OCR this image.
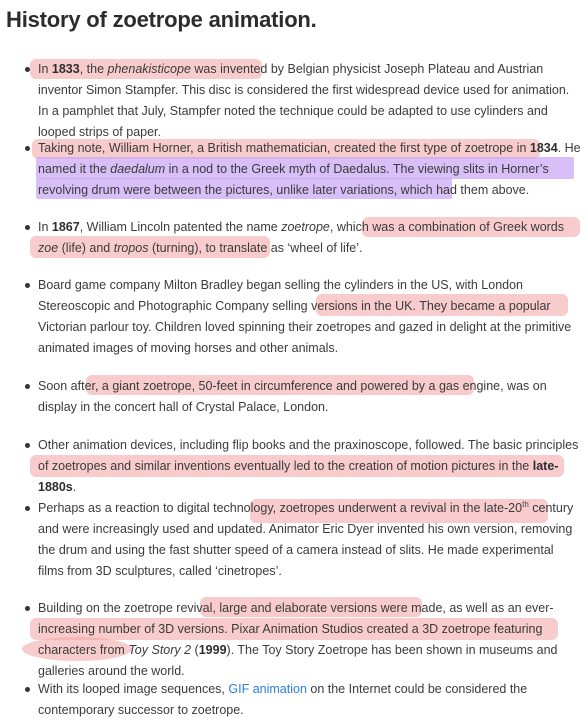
History of zoetrope animation.
In 1833, the phenakisticope was invented by Belgian physicist Joseph Plateau and Austrian inventor Simon Stampfer. This disc is considered the first widespread device used for animation. In a pamphlet that July, Stampfer noted the technique could be adapted to use cylinders and looped strips of paper.
Taking note, William Horner, a British mathematician, created the first type of zoetrope in 1834. He named it the daedalum in a nod to the Greek myth of Daedalus. The viewing slits in Horner’s revolving drum were between the pictures, unlike later variations, which had them above.
In 1867, William Lincoln patented the name zoetrope, which was a combination of Greek words zoe (life) and tropos (turning), to translate as ‘wheel of life’.
Board game company Milton Bradley began selling the cylinders in the US, with London Stereoscopic and Photographic Company selling versions in the UK. They became a popular Victorian parlour toy. Children loved spinning their zoetropes and gazed in delight at the primitive animated images of moving horses and other animals.
Soon after, a giant zoetrope, 50-feet in circumference and powered by a gas engine, was on display in the concert hall of Crystal Palace, London.
Other animation devices, including flip books and the praxinoscope, followed. The basic principles of zoetropes and similar inventions eventually led to the creation of motion pictures in the late-1880s.
Perhaps as a reaction to digital technology, zoetropes underwent a revival in the late-20th century and were increasingly used and updated. Animator Eric Dyer invented his own version, removing the drum and using the fast shutter speed of a camera instead of slits. He made experimental films from 3D sculptures, called ‘cinetropes’.
Building on the zoetrope revival, large and elaborate versions were made, as well as an ever-increasing number of 3D versions. Pixar Animation Studios created a 3D zoetrope featuring characters from Toy Story 2 (1999). The Toy Story Zoetrope has been shown in museums and galleries around the world.
With its looped image sequences, GIF animation on the Internet could be considered the contemporary successor to zoetrope.
